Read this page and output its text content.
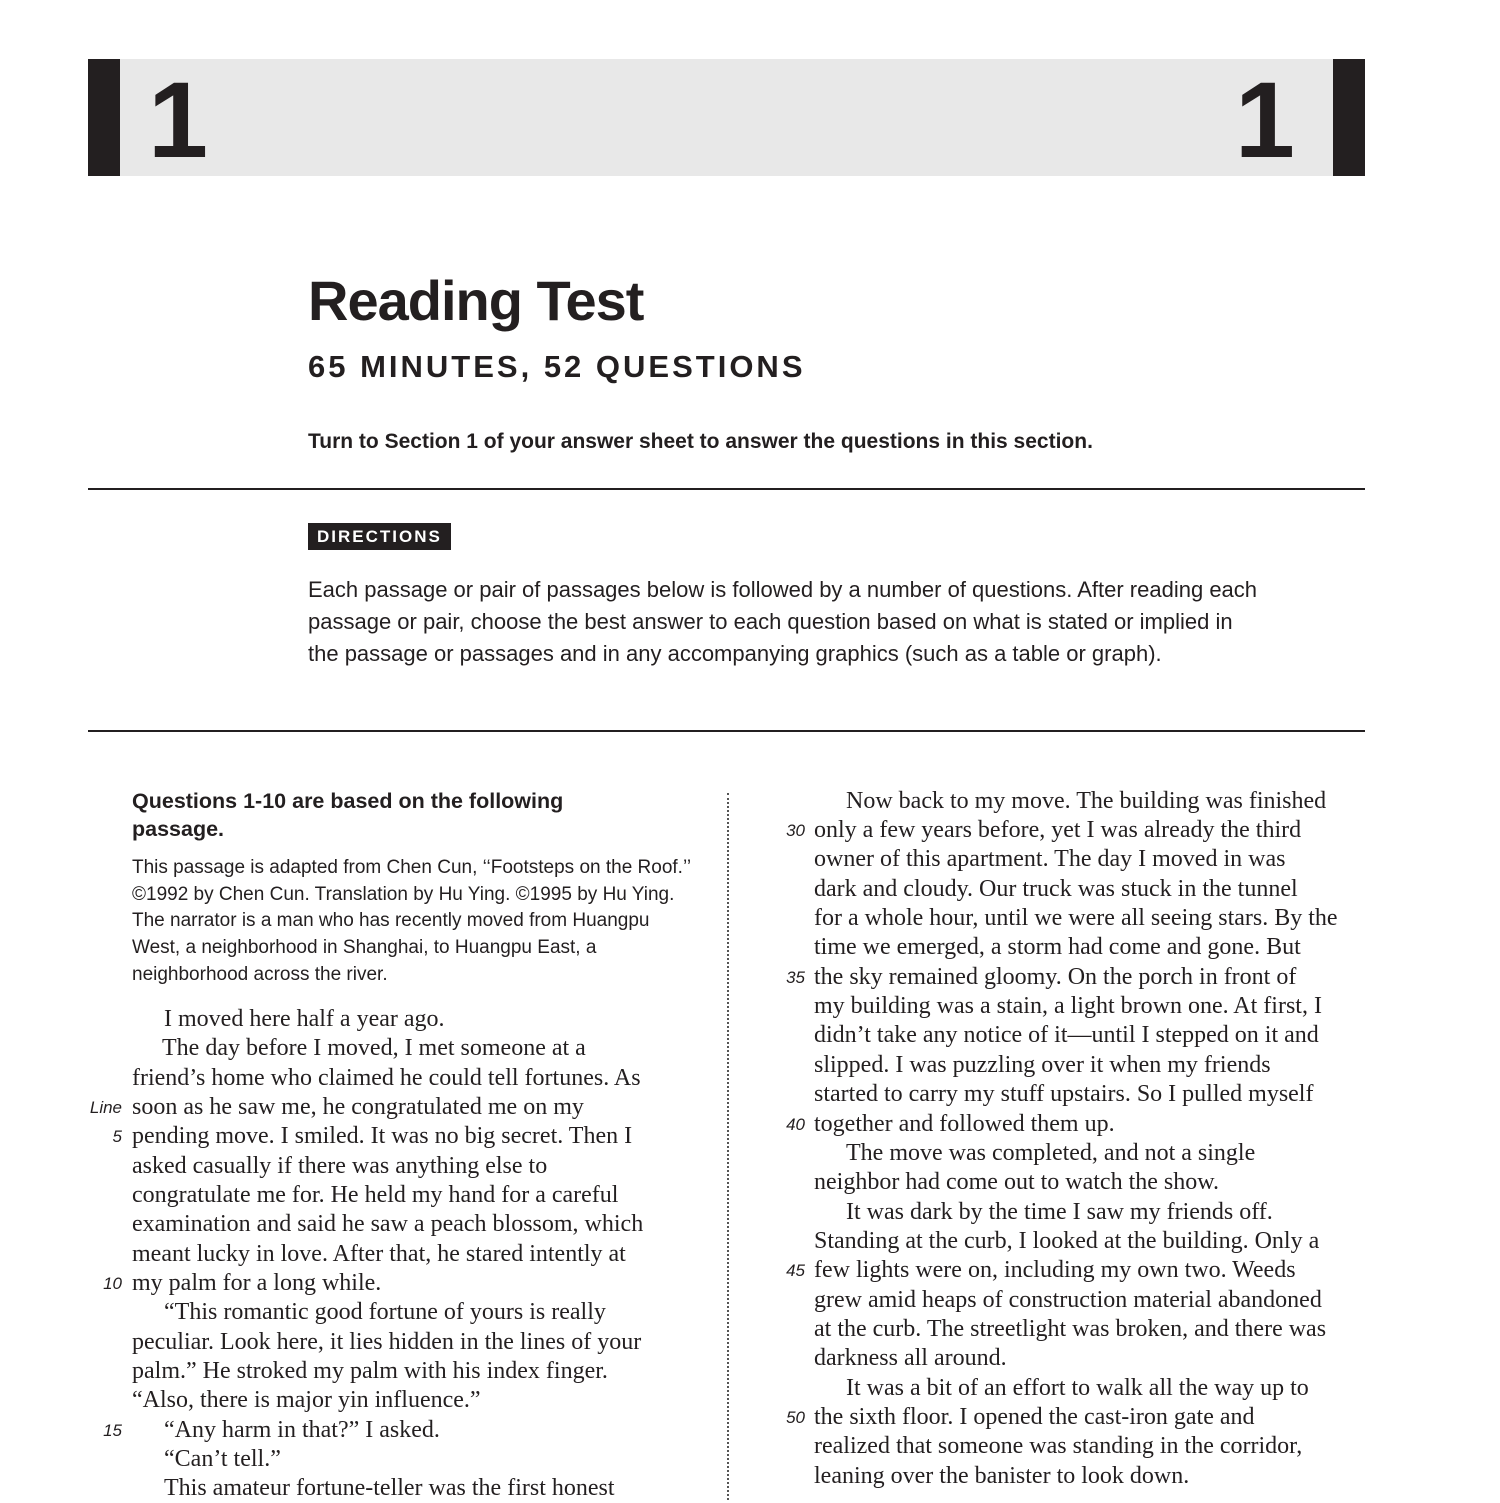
1	1
Reading Test
65 MINUTES, 52 QUESTIONS
Turn to Section 1 of your answer sheet to answer the questions in this section.
DIRECTIONS
Each passage or pair of passages below is followed by a number of questions. After reading each passage or pair, choose the best answer to each question based on what is stated or implied in the passage or passages and in any accompanying graphics (such as a table or graph).
Questions 1-10 are based on the following passage.
This passage is adapted from Chen Cun, ‘‘Footsteps on the Roof.’’ ©1992 by Chen Cun. Translation by Hu Ying. ©1995 by Hu Ying. The narrator is a man who has recently moved from Huangpu West, a neighborhood in Shanghai, to Huangpu East, a neighborhood across the river.
I moved here half a year ago.
The day before I moved, I met someone at a
friend’s home who claimed he could tell fortunes. As
soon as he saw me, he congratulated me on my
pending move. I smiled. It was no big secret. Then I
asked casually if there was anything else to
congratulate me for. He held my hand for a careful
examination and said he saw a peach blossom, which
meant lucky in love. After that, he stared intently at
my palm for a long while.
“This romantic good fortune of yours is really
peculiar. Look here, it lies hidden in the lines of your
palm.” He stroked my palm with his index finger.
“Also, there is major yin influence.”
“Any harm in that?” I asked.
“Can’t tell.”
This amateur fortune-teller was the first honest
Line
5
10
15
Now back to my move. The building was finished
only a few years before, yet I was already the third
owner of this apartment. The day I moved in was
dark and cloudy. Our truck was stuck in the tunnel
for a whole hour, until we were all seeing stars. By the
time we emerged, a storm had come and gone. But
the sky remained gloomy. On the porch in front of
my building was a stain, a light brown one. At first, I
didn’t take any notice of it—until I stepped on it and
slipped. I was puzzling over it when my friends
started to carry my stuff upstairs. So I pulled myself
together and followed them up.
The move was completed, and not a single
neighbor had come out to watch the show.
It was dark by the time I saw my friends off.
Standing at the curb, I looked at the building. Only a
few lights were on, including my own two. Weeds
grew amid heaps of construction material abandoned
at the curb. The streetlight was broken, and there was
darkness all around.
It was a bit of an effort to walk all the way up to
the sixth floor. I opened the cast-iron gate and
realized that someone was standing in the corridor,
leaning over the banister to look down.
30
35
40
45
50
